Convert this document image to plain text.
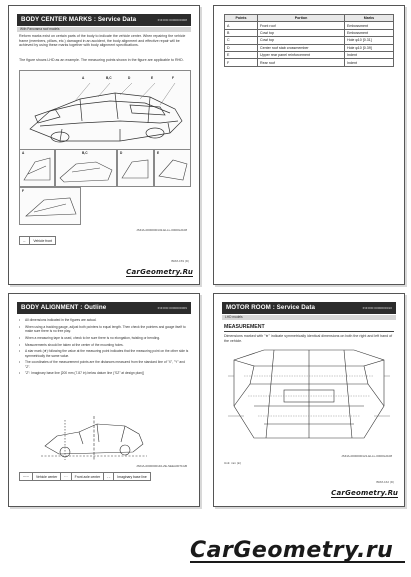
BODY CENTER MARKS : Service Data	INFOID:0000000008
With Panorama roof models
Reform marks exist on certain parts of the body to indicate the vehicle center. When repairing the vehicle frame (members, pillars, etc.) damaged in an accident, the body alignment and effective repair will be achieved by using these marks together with body alignment specifications.
The figure shows LHD as an example. The measuring points shown in the figure are applicable to RHD.
A	B,C	D	E	F
A	B,C	D	E
F
JSKIA-0000000132-ELLL-0000G2108
←	Vehicle front
BRM-159 (D)
CarGeometry.Ru
Points	Portion	Marks
A	Front roof	Embossment
B	Cowl top	Embossment
C	Cowl top	Hole φ10 [0.31]
D	Center roof stab crossmember	Hole φ10 [0.39]
E	Upper rear panel reinforcement	Indent
F	Rear roof	Indent
BODY ALIGNMENT : Outline	INFOID:0000000009
• All dimensions indicated in the figures are actual.
• When using a tracking gauge, adjust both pointers to equal length. Then check the pointers and gauge itself to make sure there is no free play.
• When a measuring tape is used, check to be sure there is no elongation, twisting or bending.
• Measurements should be taken at the center of the mounting holes.
• A star mark (★) following the value at the measuring point indicates that the measuring point on the other side is symmetrically the same value.
• The coordinates of the measurement points are the distances measured from the standard line of "X", "Y" and "Z".
• "Z": Imaginary base line [200 mm (7.87 in) below datum line ("0Z" at design plan)]
JSKIA-0000000140-ZE-SEEA0071GB
─·─	Vehicle center	···	Front axle center	- -	Imaginary base line
MOTOR ROOM : Service Data	INFOID:0000000010
LHD models
MEASUREMENT
Dimensions marked with "★" indicate symmetrically identical dimensions on both the right and left hand of the vehicle.
JSKIA-0000000121-ELLL-0000G2108
Unit: mm (in)
BRM-162 (D)
CarGeometry.Ru
CarGeometry.ru
